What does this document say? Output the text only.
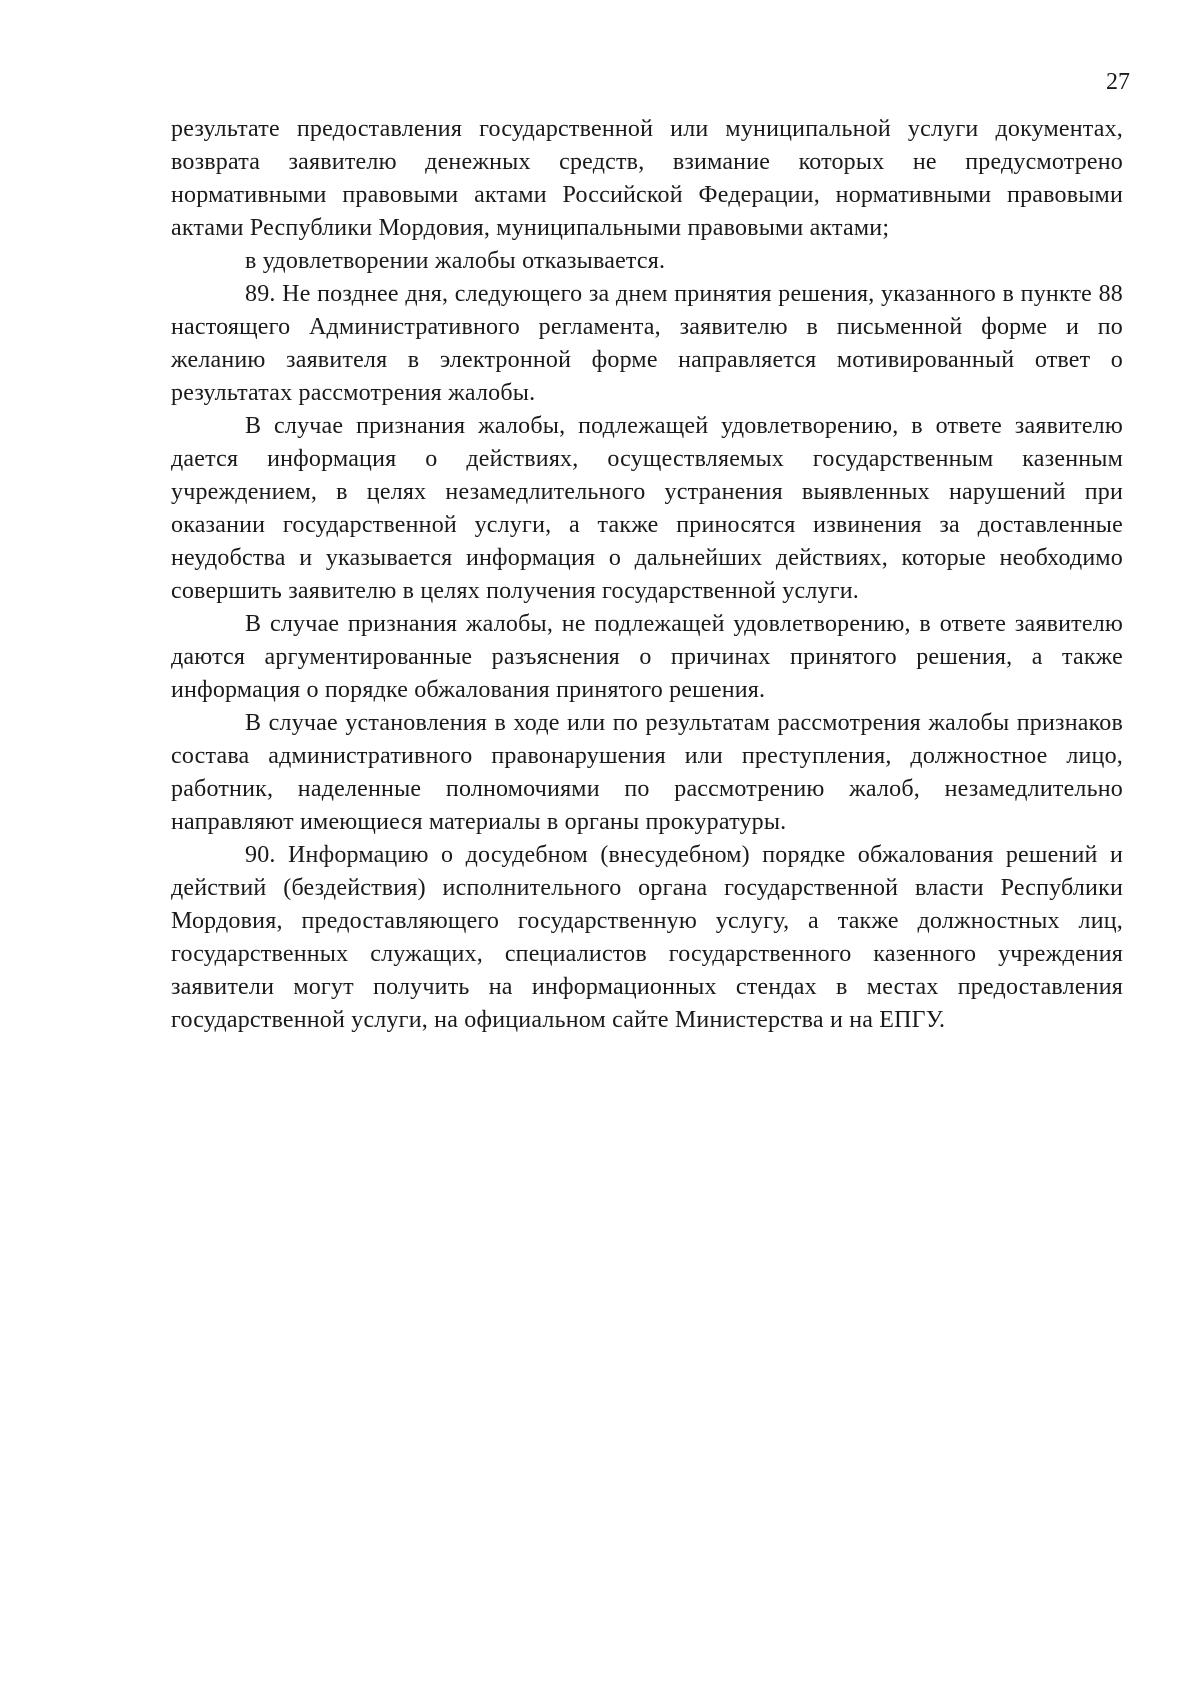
27

результате предоставления государственной или муниципальной услуги документах, возврата заявителю денежных средств, взимание которых не предусмотрено нормативными правовыми актами Российской Федерации, нормативными правовыми актами Республики Мордовия, муниципальными правовыми актами;

в удовлетворении жалобы отказывается.

89. Не позднее дня, следующего за днем принятия решения, указанного в пункте 88 настоящего Административного регламента, заявителю в письменной форме и по желанию заявителя в электронной форме направляется мотивированный ответ о результатах рассмотрения жалобы.

В случае признания жалобы, подлежащей удовлетворению, в ответе заявителю дается информация о действиях, осуществляемых государственным казенным учреждением, в целях незамедлительного устранения выявленных нарушений при оказании государственной услуги, а также приносятся извинения за доставленные неудобства и указывается информация о дальнейших действиях, которые необходимо совершить заявителю в целях получения государственной услуги.

В случае признания жалобы, не подлежащей удовлетворению, в ответе заявителю даются аргументированные разъяснения о причинах принятого решения, а также информация о порядке обжалования принятого решения.

В случае установления в ходе или по результатам рассмотрения жалобы признаков состава административного правонарушения или преступления, должностное лицо, работник, наделенные полномочиями по рассмотрению жалоб, незамедлительно направляют имеющиеся материалы в органы прокуратуры.

90. Информацию о досудебном (внесудебном) порядке обжалования решений и действий (бездействия) исполнительного органа государственной власти Республики Мордовия, предоставляющего государственную услугу, а также должностных лиц, государственных служащих, специалистов государственного казенного учреждения заявители могут получить на информационных стендах в местах предоставления государственной услуги, на официальном сайте Министерства и на ЕПГУ.
